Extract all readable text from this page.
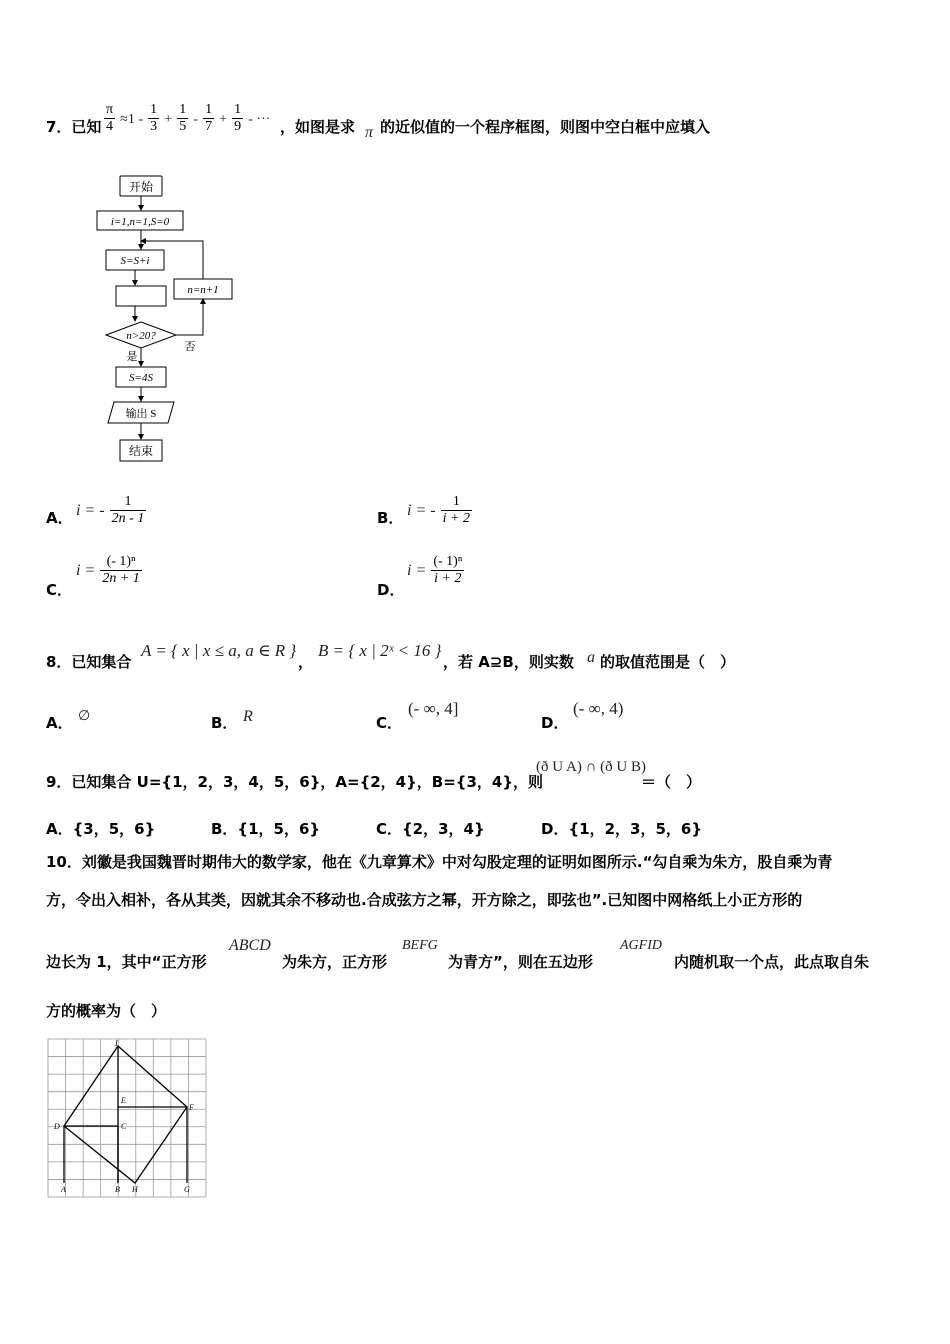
7．已知 $\frac{\pi}{4} \approx 1 - \frac{1}{3} + \frac{1}{5} - \frac{1}{7} + \frac{1}{9}$ - ··· ，如图是求 π 的近似值的一个程序框图，则图中空白框中应填入
开始
i=1,n=1,S=0
S=S+i
n=n+1
n>20?
是
否
S=4S
输出 S
结束
A． i = - $\frac{1}{2n - 1}$	B． i = - $\frac{1}{i + 2}$
C．
$i = \frac{\text{(- 1)ⁿ}}{2n + 1}$
D．
$i = \frac{\text{(- 1)ⁿ}}{i + 2}$
8．已知集合
A = { x | x ≤ a, a ∈ R }
，
B = { x | 2ˣ < 16 }
，若 A⊇B，则实数 a 的取值范围是（　）
A． ∅	B． R	C．
(- ∞, 4]
D．
(- ∞, 4)
9．已知集合 U={1，2，3，4，5，6}，A={2，4}，B={3，4}，则
(ð U A) ∩ (ð U B)
＝（　）
A．{3，5，6}	B．{1，5，6}	C．{2，3，4}	D．{1，2，3，5，6}
10．刘徽是我国魏晋时期伟大的数学家，他在《九章算术》中对勾股定理的证明如图所示.“勾自乘为朱方，股自乘为青
方，令出入相补，各从其类，因就其余不移动也.合成弦方之幂，开方除之，即弦也”.已知图中网格纸上小正方形的
边长为 1，其中“正方形
ABCD
为朱方，正方形
BEFG
为青方”，则在五边形
AGFID
内随机取一个点，此点取自朱
方的概率为（　）
I
E
F
D	C
A	B H	G
